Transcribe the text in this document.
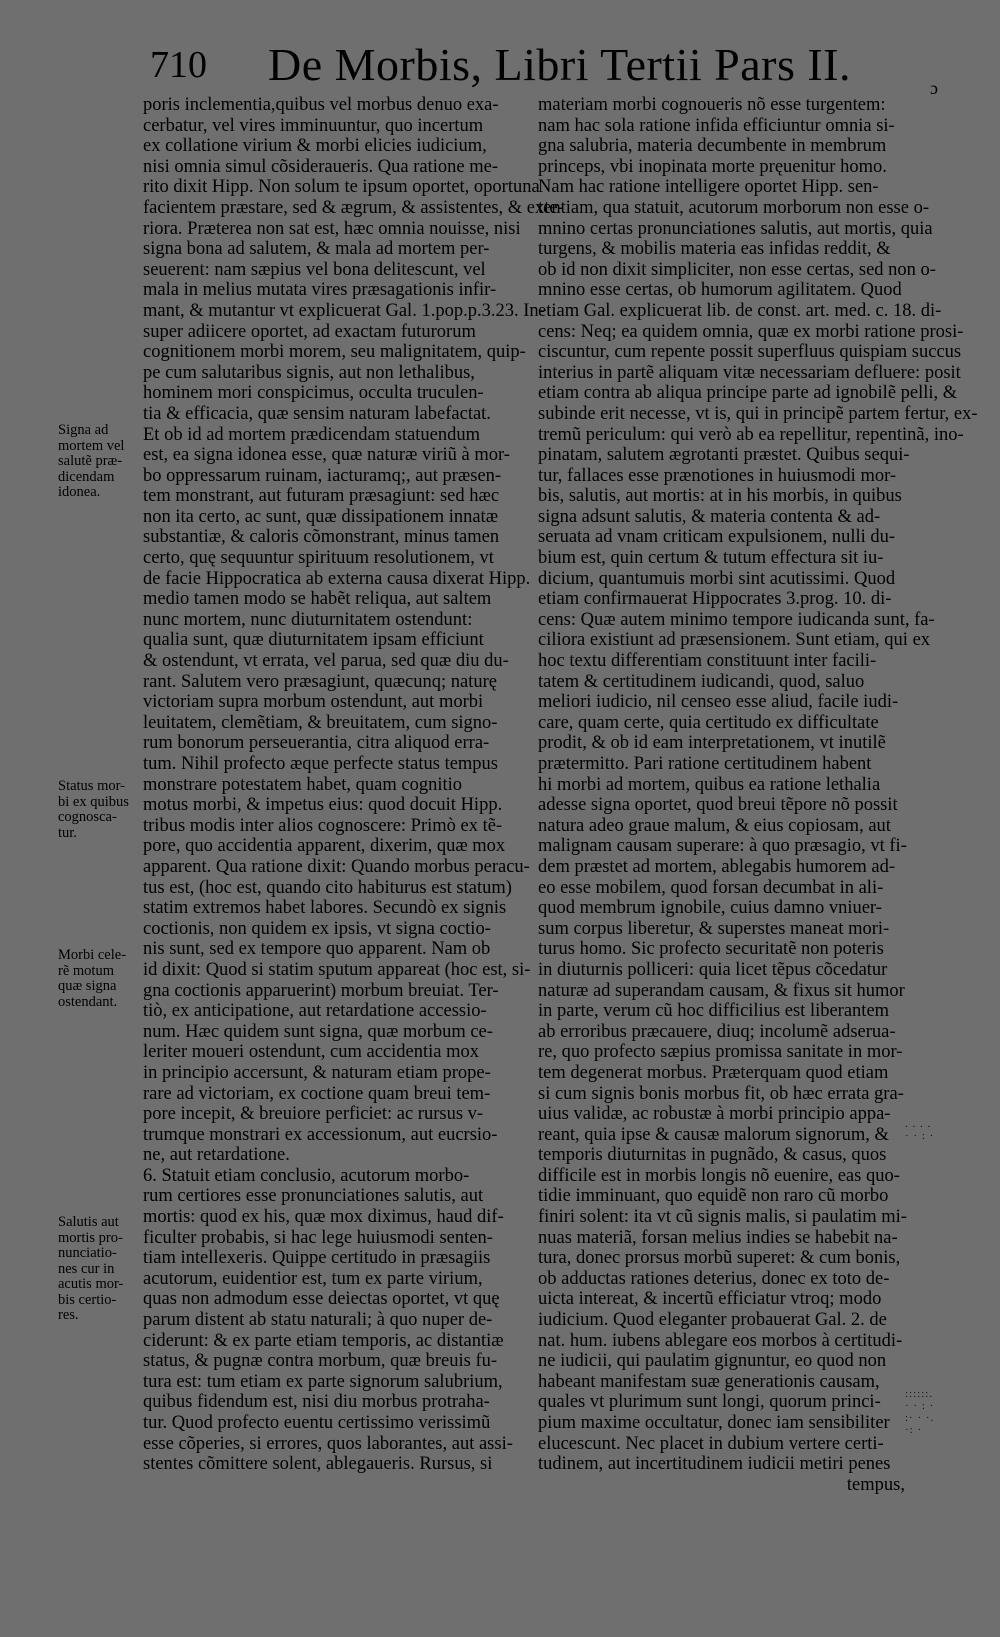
710 De Morbis, Libri Tertii Pars II.	ɔ

Signa ad

mortem vel

salutẽ præ-

dicendam

idonea.

Status mor-

bi ex quibus

cognosca-

tur.

Morbi cele-

rẽ motum

quæ signa

ostendant.

Salutis aut

mortis pro-

nunciatio-

nes cur in

acutis mor-

bis certio-

res.

. . . .

· · : ·

::::::.

· · : ·

:· · ·.

·: ·

poris inclementia,quibus vel morbus denuo exa-

cerbatur, vel vires imminuuntur, quo incertum

ex collatione virium & morbi elicies iudicium,

nisi omnia simul cõsideraueris. Qua ratione me-

rito dixit Hipp. Non solum te ipsum oportet, oportuna

facientem præstare, sed & ægrum, & assistentes, & exte-

riora. Præterea non sat est, hæc omnia nouisse, nisi

signa bona ad salutem, & mala ad mortem per-

seuerent: nam sæpius vel bona delitescunt, vel

mala in melius mutata vires præsagationis infir-

mant, & mutantur vt explicuerat Gal. 1.pop.p.3.23. In-

super adiicere oportet, ad exactam futurorum

cognitionem morbi morem, seu malignitatem, quip-

pe cum salutaribus signis, aut non lethalibus,

hominem mori conspicimus, occulta truculen-

tia & efficacia, quæ sensim naturam labefactat.

Et ob id ad mortem prædicendam statuendum

est, ea signa idonea esse, quæ naturæ viriũ à mor-

bo oppressarum ruinam, iacturamq;, aut præsen-

tem monstrant, aut futuram præsagiunt: sed hæc

non ita certo, ac sunt, quæ dissipationem innatæ

substantiæ, & caloris cõmonstrant, minus tamen

certo, quę sequuntur spirituum resolutionem, vt

de facie Hippocratica ab externa causa dixerat Hipp.

medio tamen modo se habẽt reliqua, aut saltem

nunc mortem, nunc diuturnitatem ostendunt:

qualia sunt, quæ diuturnitatem ipsam efficiunt

& ostendunt, vt erratа, vel parua, sed quæ diu du-

rant. Salutem vero præsagiunt, quæcunq; naturę

victoriam supra morbum ostendunt, aut morbi

leuitatem, clemẽtiam, & breuitatem, cum signo-

rum bonorum perseuerantia, citra aliquod erra-

tum. Nihil profecto æque perfecte status tempus

monstrare potestatem habet, quam cognitio

motus morbi, & impetus eius: quod docuit Hipp.

tribus modis inter alios cognoscere: Primò ex tẽ-

pore, quo accidentia apparent, dixerim, quæ mox

apparent. Qua ratione dixit: Quando morbus peracu-

tus est, (hoc est, quando cito habiturus est statum)

statim extremos habet labores. Secundò ex signis

coctionis, non quidem ex ipsis, vt signa coctio-

nis sunt, sed ex tempore quo apparent. Nam ob

id dixit: Quod si statim sputum appareat (hoc est, si-

gna coctionis apparuerint) morbum breuiat. Ter-

tiò, ex anticipatione, aut retardatione accessio-

num. Hæc quidem sunt signa, quæ morbum ce-

leriter moueri ostendunt, cum accidentia mox

in principio accersunt, & naturam etiam prope-

rare ad victoriam, ex coctione quam breui tem-

pore incepit, & breuiore perficiet: ac rursus v-

trumque monstrari ex accessionum, aut eucrsio-

ne, aut retardatione.

6. Statuit etiam conclusio, acutorum morbo-

rum certiores esse pronunciationes salutis, aut

mortis: quod ex his, quæ mox diximus, haud dif-

ficulter probabis, si hac lege huiusmodi senten-

tiam intellexeris. Quippe certitudo in præsagiis

acutorum, euidentior est, tum ex parte virium,

quas non admodum esse deiectas oportet, vt quę

parum distent ab statu naturali; à quo nuper de-

ciderunt: & ex parte etiam temporis, ac distantiæ

status, & pugnæ contra morbum, quæ breuis fu-

tura est: tum etiam ex parte signorum salubrium,

quibus fidendum est, nisi diu morbus protraha-

tur. Quod profecto euentu certissimo verissimũ

esse cõperies, si errores, quos laborantes, aut assi-

stentes cõmittere solent, ablegaueris. Rursus, si

materiam morbi cognoueris nõ esse turgentem:

nam hac sola ratione infida efficiuntur omnia si-

gna salubria, materia decumbente in membrum

princeps, vbi inopinata morte pręuenitur homo.

Nam hac ratione intelligere oportet Hipp. sen-

tentiam, qua statuit, acutorum morborum non esse o-

mnino certas pronunciationes salutis, aut mortis, quia

turgens, & mobilis materia eas infidas reddit, &

ob id non dixit simpliciter, non esse certas, sed non o-

mnino esse certas, ob humorum agilitatem. Quod

etiam Gal. explicuerat lib. de const. art. med. c. 18. di-

cens: Neq; ea quidem omnia, quæ ex morbi ratione prosi-

ciscuntur, cum repente possit superfluus quispiam succus

interius in partẽ aliquam vitæ necessariam defluere: posit

etiam contra ab aliqua principe parte ad ignobilẽ pelli, &

subinde erit necesse, vt is, qui in principẽ partem fertur, ex-

tremũ periculum: qui verò ab ea repellitur, repentinã, ino-

pinatam, salutem ægrotanti præstet. Quibus sequi-

tur, fallaces esse prænotiones in huiusmodi mor-

bis, salutis, aut mortis: at in his morbis, in quibus

signa adsunt salutis, & materia contenta & ad-

seruata ad vnam criticam expulsionem, nulli du-

bium est, quin certum & tutum effectura sit iu-

dicium, quantumuis morbi sint acutissimi. Quod

etiam confirmauerat Hippocrates 3.prog. 10. di-

cens: Quæ autem minimo tempore iudicanda sunt, fa-

ciliora existiunt ad præsensionem. Sunt etiam, qui ex

hoc textu differentiam constituunt inter facili-

tatem & certitudinem iudicandi, quod, saluo

meliori iudicio, nil censeo esse aliud, facile iudi-

care, quam certe, quia certitudo ex difficultate

prodit, & ob id eam interpretationem, vt inutilẽ

prætermitto. Pari ratione certitudinem habent

hi morbi ad mortem, quibus ea ratione lethalia

adesse signa oportet, quod breui tẽpore nõ possit

natura adeo graue malum, & eius copiosam, aut

malignam causam superare: à quo præsagio, vt fi-

dem præstet ad mortem, ablegabis humorem ad-

eo esse mobilem, quod forsan decumbat in ali-

quod membrum ignobile, cuius damno vniuer-

sum corpus liberetur, & superstes maneat mori-

turus homo. Sic profecto securitatẽ non poteris

in diuturnis polliceri: quia licet tẽpus cõcedatur

naturæ ad superandam causam, & fixus sit humor

in parte, verum cũ hoc difficilius est liberantem

ab erroribus præcauere, diuq; incolumẽ adserua-

re, quo profecto sæpius promissa sanitate in mor-

tem degenerat morbus. Præterquam quod etiam

si cum signis bonis morbus fit, ob hæc errata gra-

uius validæ, ac robustæ à morbi principio appa-

reant, quia ipse & causæ malorum signorum, &

temporis diuturnitas in pugnãdo, & casus, quos

difficile est in morbis longis nõ euenire, eas quo-

tidie imminuant, quo equidẽ non raro cũ morbo

finiri solent: ita vt cũ signis malis, si paulatim mi-

nuas materiã, forsan melius indies se habebit na-

tura, donec prorsus morbũ superet: & cum bonis,

ob adductas rationes deterius, donec ex toto de-

uicta intereat, & incertũ efficiatur vtroq; modo

iudicium. Quod eleganter probauerat Gal. 2. de

nat. hum. iubens ablegare eos morbos à certitudi-

ne iudicii, qui paulatim gignuntur, eo quod non

habeant manifestam suæ generationis causam,

quales vt plurimum sunt longi, quorum princi-

pium maxime occultatur, donec iam sensibiliter

elucescunt. Nec placet in dubium vertere certi-

tudinem, aut incertitudinem iudicii metiri penes

tempus,
